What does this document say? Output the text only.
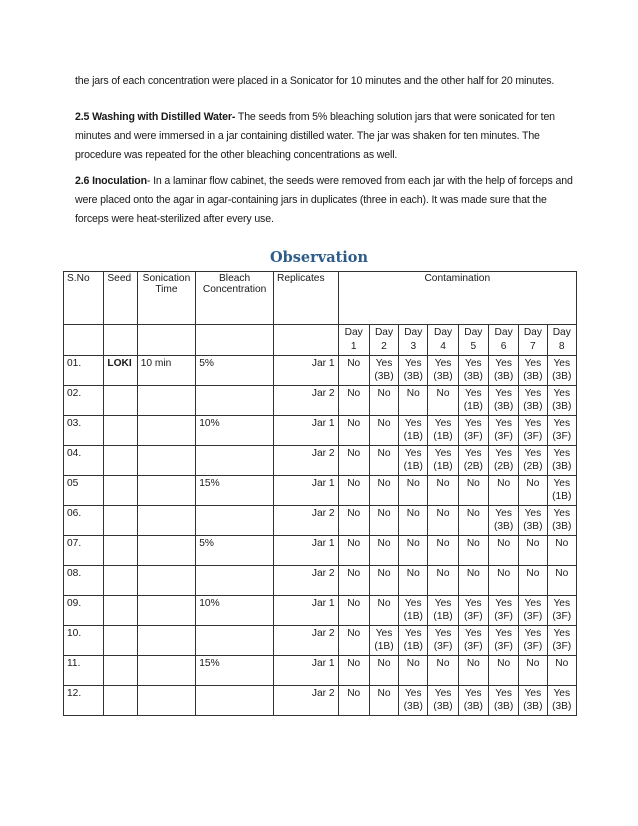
the jars of each concentration were placed in a Sonicator for 10 minutes and the other half for 20 minutes.
2.5 Washing with Distilled Water- The seeds from 5% bleaching solution jars that were sonicated for ten minutes and were immersed in a jar containing distilled water. The jar was shaken for ten minutes. The procedure was repeated for the other bleaching concentrations as well.
2.6 Inoculation- In a laminar flow cabinet, the seeds were removed from each jar with the help of forceps and were placed onto the agar in agar-containing jars in duplicates (three in each). It was made sure that the forceps were heat-sterilized after every use.
Observation
S.No	Seed	Sonication Time	Bleach Concentration	Replicates	Contamination							
					Day 1	Day 2	Day 3	Day 4	Day 5	Day 6	Day 7	Day 8
01.	LOKI	10 min	5%	Jar 1	No	Yes (3B)	Yes (3B)	Yes (3B)	Yes (3B)	Yes (3B)	Yes (3B)	Yes (3B)
02.				Jar 2	No	No	No	No	Yes (1B)	Yes (3B)	Yes (3B)	Yes (3B)
03.			10%	Jar 1	No	No	Yes (1B)	Yes (1B)	Yes (3F)	Yes (3F)	Yes (3F)	Yes (3F)
04.				Jar 2	No	No	Yes (1B)	Yes (1B)	Yes (2B)	Yes (2B)	Yes (2B)	Yes (3B)
05			15%	Jar 1	No	No	No	No	No	No	No	Yes (1B)
06.				Jar 2	No	No	No	No	No	Yes (3B)	Yes (3B)	Yes (3B)
07.			5%	Jar 1	No	No	No	No	No	No	No	No
08.				Jar 2	No	No	No	No	No	No	No	No
09.			10%	Jar 1	No	No	Yes (1B)	Yes (1B)	Yes (3F)	Yes (3F)	Yes (3F)	Yes (3F)
10.				Jar 2	No	Yes (1B)	Yes (1B)	Yes (3F)	Yes (3F)	Yes (3F)	Yes (3F)	Yes (3F)
11.			15%	Jar 1	No	No	No	No	No	No	No	No
12.				Jar 2	No	No	Yes (3B)	Yes (3B)	Yes (3B)	Yes (3B)	Yes (3B)	Yes (3B)
